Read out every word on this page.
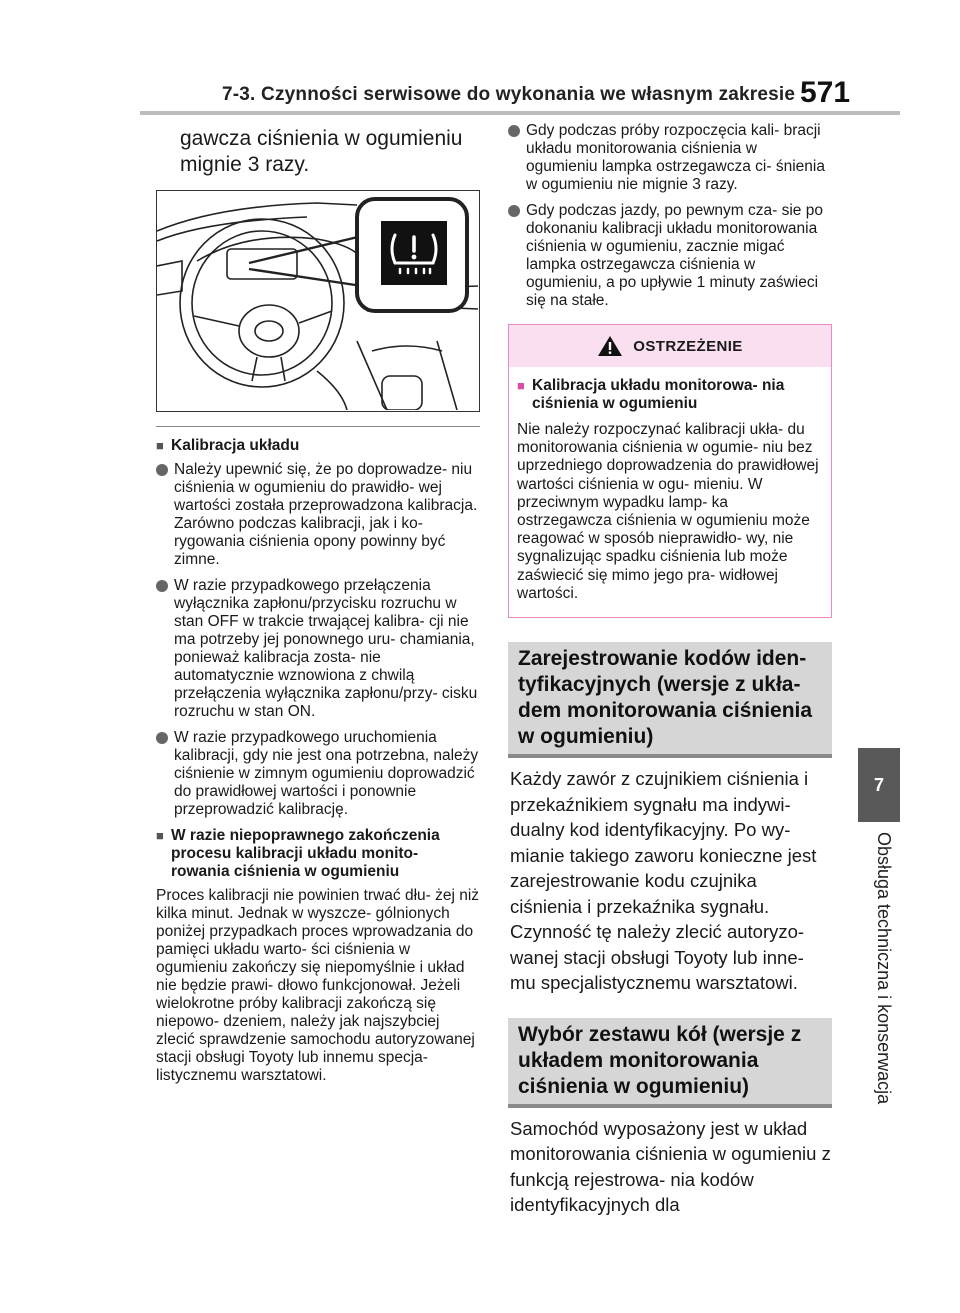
7-3. Czynności serwisowe do wykonania we własnym zakresie 571
7
Obsługa techniczna i konserwacja

gawcza ciśnienia w ogumieniu mignie 3 razy.

■ Kalibracja układu
Należy upewnić się, że po doprowadze- niu ciśnienia w ogumieniu do prawidło- wej wartości została przeprowadzona kalibracja.
Zarówno podczas kalibracji, jak i ko- rygowania ciśnienia opony powinny być zimne.
W razie przypadkowego przełączenia wyłącznika zapłonu/przycisku rozruchu w stan OFF w trakcie trwającej kalibra- cji nie ma potrzeby jej ponownego uru- chamiania, ponieważ kalibracja zosta- nie automatycznie wznowiona z chwilą przełączenia wyłącznika zapłonu/przy- cisku rozruchu w stan ON.
W razie przypadkowego uruchomienia kalibracji, gdy nie jest ona potrzebna, należy ciśnienie w zimnym ogumieniu doprowadzić do prawidłowej wartości i ponownie przeprowadzić kalibrację.
■ W razie niepoprawnego zakończenia procesu kalibracji układu monito- rowania ciśnienia w ogumieniu

Proces kalibracji nie powinien trwać dłu- żej niż kilka minut. Jednak w wyszcze- gólnionych poniżej przypadkach proces wprowadzania do pamięci układu warto- ści ciśnienia w ogumieniu zakończy się niepomyślnie i układ nie będzie prawi- dłowo funkcjonował. Jeżeli wielokrotne próby kalibracji zakończą się niepowo- dzeniem, należy jak najszybciej zlecić sprawdzenie samochodu autoryzowanej stacji obsługi Toyoty lub innemu specja- listycznemu warsztatowi.

Gdy podczas próby rozpoczęcia kali- bracji układu monitorowania ciśnienia w ogumieniu lampka ostrzegawcza ci- śnienia w ogumieniu nie mignie 3 razy.
Gdy podczas jazdy, po pewnym cza- sie po dokonaniu kalibracji układu monitorowania ciśnienia w ogumieniu, zacznie migać lampka ostrzegawcza ciśnienia w ogumieniu, a po upływie 1 minuty zaświeci się na stałe.
OSTRZEŻENIE
■ Kalibracja układu monitorowa- nia ciśnienia w ogumieniu
Nie należy rozpoczynać kalibracji ukła- du monitorowania ciśnienia w ogumie- niu bez uprzedniego doprowadzenia do prawidłowej wartości ciśnienia w ogu- mieniu. W przeciwnym wypadku lamp- ka ostrzegawcza ciśnienia w ogumieniu może reagować w sposób nieprawidło- wy, nie sygnalizując spadku ciśnienia lub może zaświecić się mimo jego pra- widłowej wartości.
Zarejestrowanie kodów iden- tyfikacyjnych (wersje z ukła- dem monitorowania ciśnienia w ogumieniu)

Każdy zawór z czujnikiem ciśnienia i przekaźnikiem sygnału ma indywi- dualny kod identyfikacyjny. Po wy- mianie takiego zaworu konieczne jest zarejestrowanie kodu czujnika ciśnienia i przekaźnika sygnału. Czynność tę należy zlecić autoryzo- wanej stacji obsługi Toyoty lub inne- mu specjalistycznemu warsztatowi.

Wybór zestawu kół (wersje z układem monitorowania ciśnienia w ogumieniu)

Samochód wyposażony jest w układ monitorowania ciśnienia w ogumieniu z funkcją rejestrowa- nia kodów identyfikacyjnych dla
